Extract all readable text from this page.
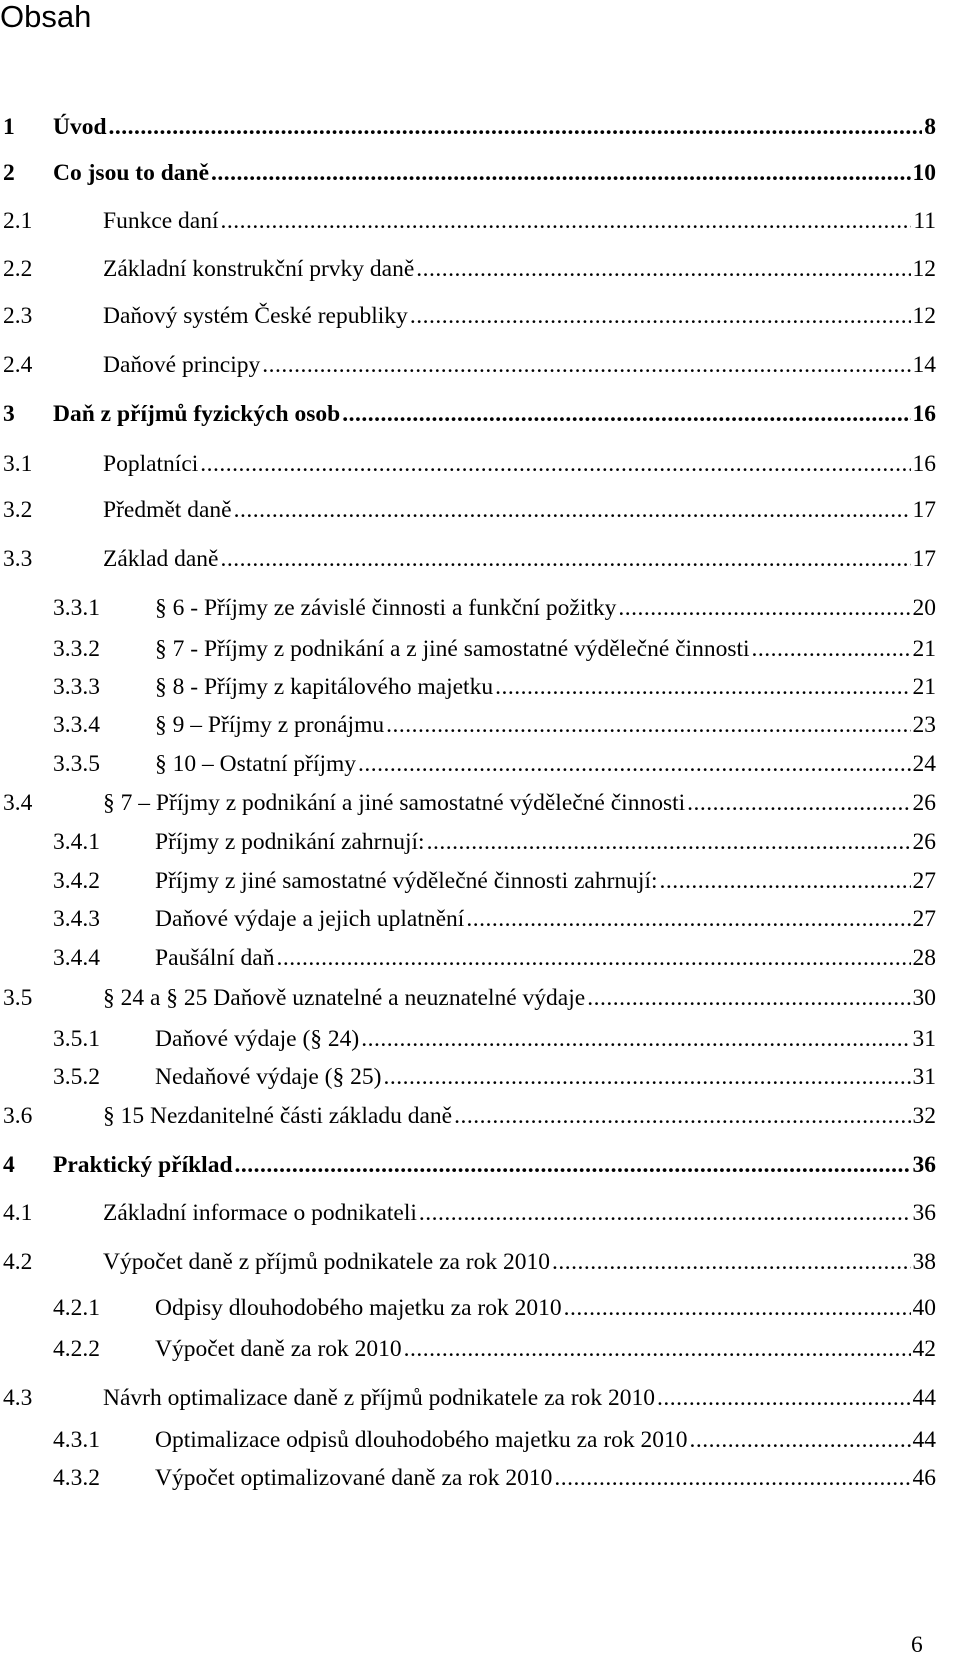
Obsah
1 Úvod .....	8
2 Co jsou to daně .....	10
2.1	Funkce daní .....	11
2.2	Základní konstrukční prvky daně .....	12
2.3	Daňový systém České republiky .....	12
2.4	Daňové principy .....	14
3 Daň z příjmů fyzických osob .....	16
3.1	Poplatníci .....	16
3.2	Předmět daně .....	17
3.3	Základ daně .....	17
3.3.1 § 6 - Příjmy ze závislé činnosti a funkční požitky .....	20
3.3.2 § 7 - Příjmy z podnikání a z jiné samostatné výdělečné činnosti .....	21
3.3.3 § 8 - Příjmy z kapitálového majetku .....	21
3.3.4 § 9 – Příjmy z pronájmu .....	23
3.3.5 § 10 – Ostatní příjmy .....	24
3.4	§ 7 – Příjmy z podnikání a jiné samostatné výdělečné činnosti .....	26
3.4.1 Příjmy z podnikání zahrnují: .....	26
3.4.2 Příjmy z jiné samostatné výdělečné činnosti zahrnují: .....	27
3.4.3 Daňové výdaje a jejich uplatnění .....	27
3.4.4 Paušální daň .....	28
3.5	§ 24 a § 25 Daňově uznatelné a neuznatelné výdaje .....	30
3.5.1 Daňové výdaje (§ 24) .....	31
3.5.2 Nedaňové výdaje (§ 25) .....	31
3.6	§ 15 Nezdanitelné části základu daně .....	32
4 Praktický příklad .....	36
4.1	Základní informace o podnikateli .....	36
4.2	Výpočet daně z příjmů podnikatele za rok 2010 .....	38
4.2.1 Odpisy dlouhodobého majetku za rok 2010 .....	40
4.2.2 Výpočet daně za rok 2010 .....	42
4.3	Návrh optimalizace daně z příjmů podnikatele za rok 2010 .....	44
4.3.1 Optimalizace odpisů dlouhodobého majetku za rok 2010 .....	44
4.3.2 Výpočet optimalizované daně za rok 2010 .....	46
6
